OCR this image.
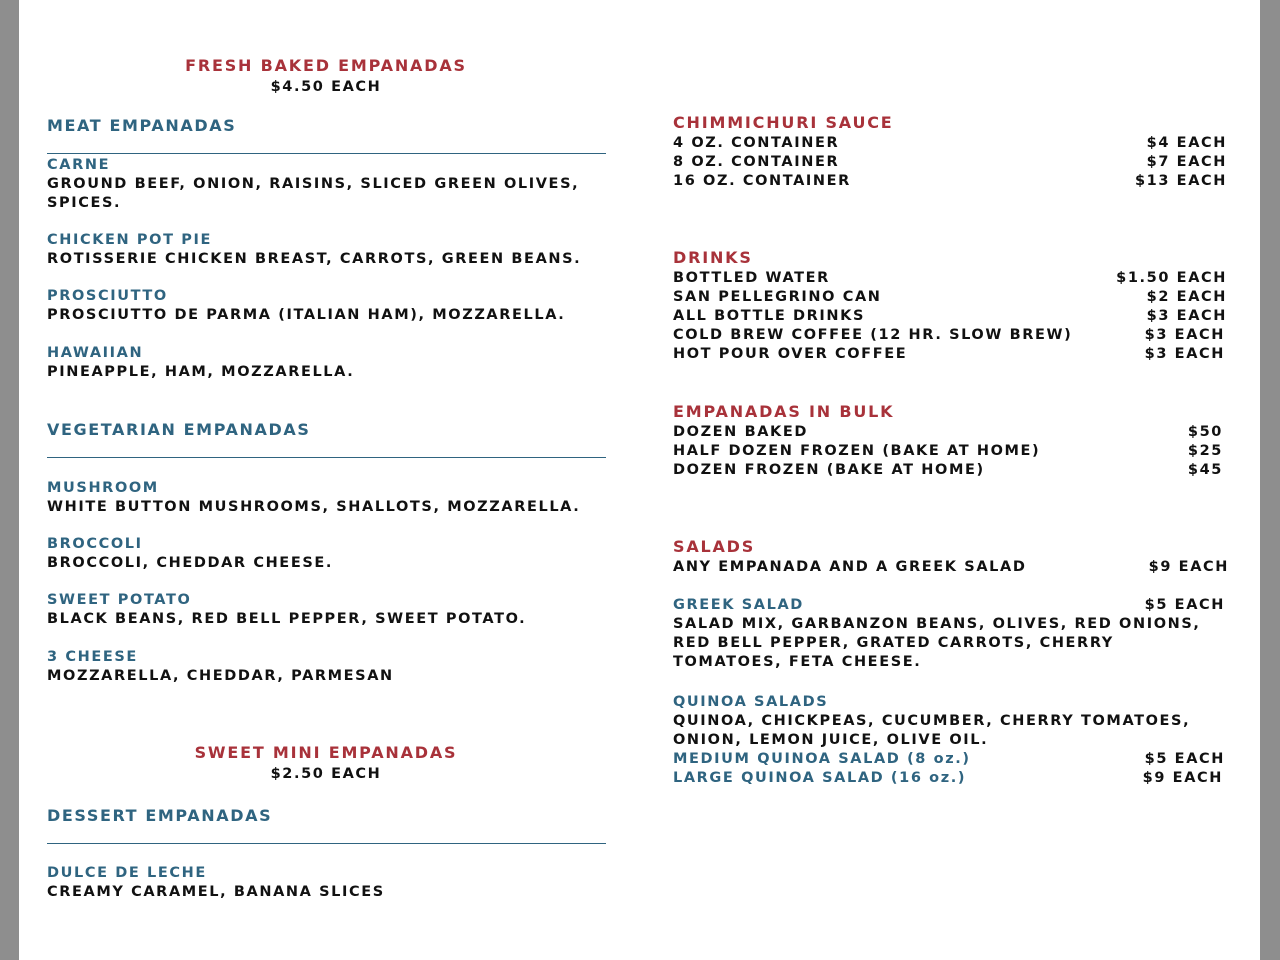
FRESH BAKED EMPANADAS
$4.50 EACH
MEAT EMPANADAS
CARNE
GROUND BEEF, ONION, RAISINS, SLICED GREEN OLIVES,
SPICES.
CHICKEN POT PIE
ROTISSERIE CHICKEN BREAST, CARROTS, GREEN BEANS.
PROSCIUTTO
PROSCIUTTO DE PARMA (ITALIAN HAM), MOZZARELLA.
HAWAIIAN
PINEAPPLE, HAM, MOZZARELLA.
VEGETARIAN EMPANADAS
MUSHROOM
WHITE BUTTON MUSHROOMS, SHALLOTS, MOZZARELLA.
BROCCOLI
BROCCOLI, CHEDDAR CHEESE.
SWEET POTATO
BLACK BEANS, RED BELL PEPPER, SWEET POTATO.
3 CHEESE
MOZZARELLA, CHEDDAR, PARMESAN
SWEET MINI EMPANADAS
$2.50 EACH
DESSERT EMPANADAS
DULCE DE LECHE
CREAMY CARAMEL, BANANA SLICES
CHIMMICHURI SAUCE
4 OZ. CONTAINER	$4 EACH
8 OZ. CONTAINER	$7 EACH
16 OZ. CONTAINER	$13 EACH
DRINKS
BOTTLED WATER	$1.50 EACH
SAN PELLEGRINO CAN	$2 EACH
ALL BOTTLE DRINKS	$3 EACH
COLD BREW COFFEE (12 HR. SLOW BREW)	$3 EACH
HOT POUR OVER COFFEE	$3 EACH
EMPANADAS IN BULK
DOZEN BAKED	$50
HALF DOZEN FROZEN (BAKE AT HOME)	$25
DOZEN FROZEN (BAKE AT HOME)	$45
SALADS
ANY EMPANADA AND A GREEK SALAD	$9 EACH
GREEK SALAD	$5 EACH
SALAD MIX, GARBANZON BEANS, OLIVES, RED ONIONS,
RED BELL PEPPER, GRATED CARROTS, CHERRY
TOMATOES, FETA CHEESE.
QUINOA SALADS
QUINOA, CHICKPEAS, CUCUMBER, CHERRY TOMATOES,
ONION, LEMON JUICE, OLIVE OIL.
MEDIUM QUINOA SALAD (8 oz.)	$5 EACH
LARGE QUINOA SALAD (16 oz.)	$9 EACH
